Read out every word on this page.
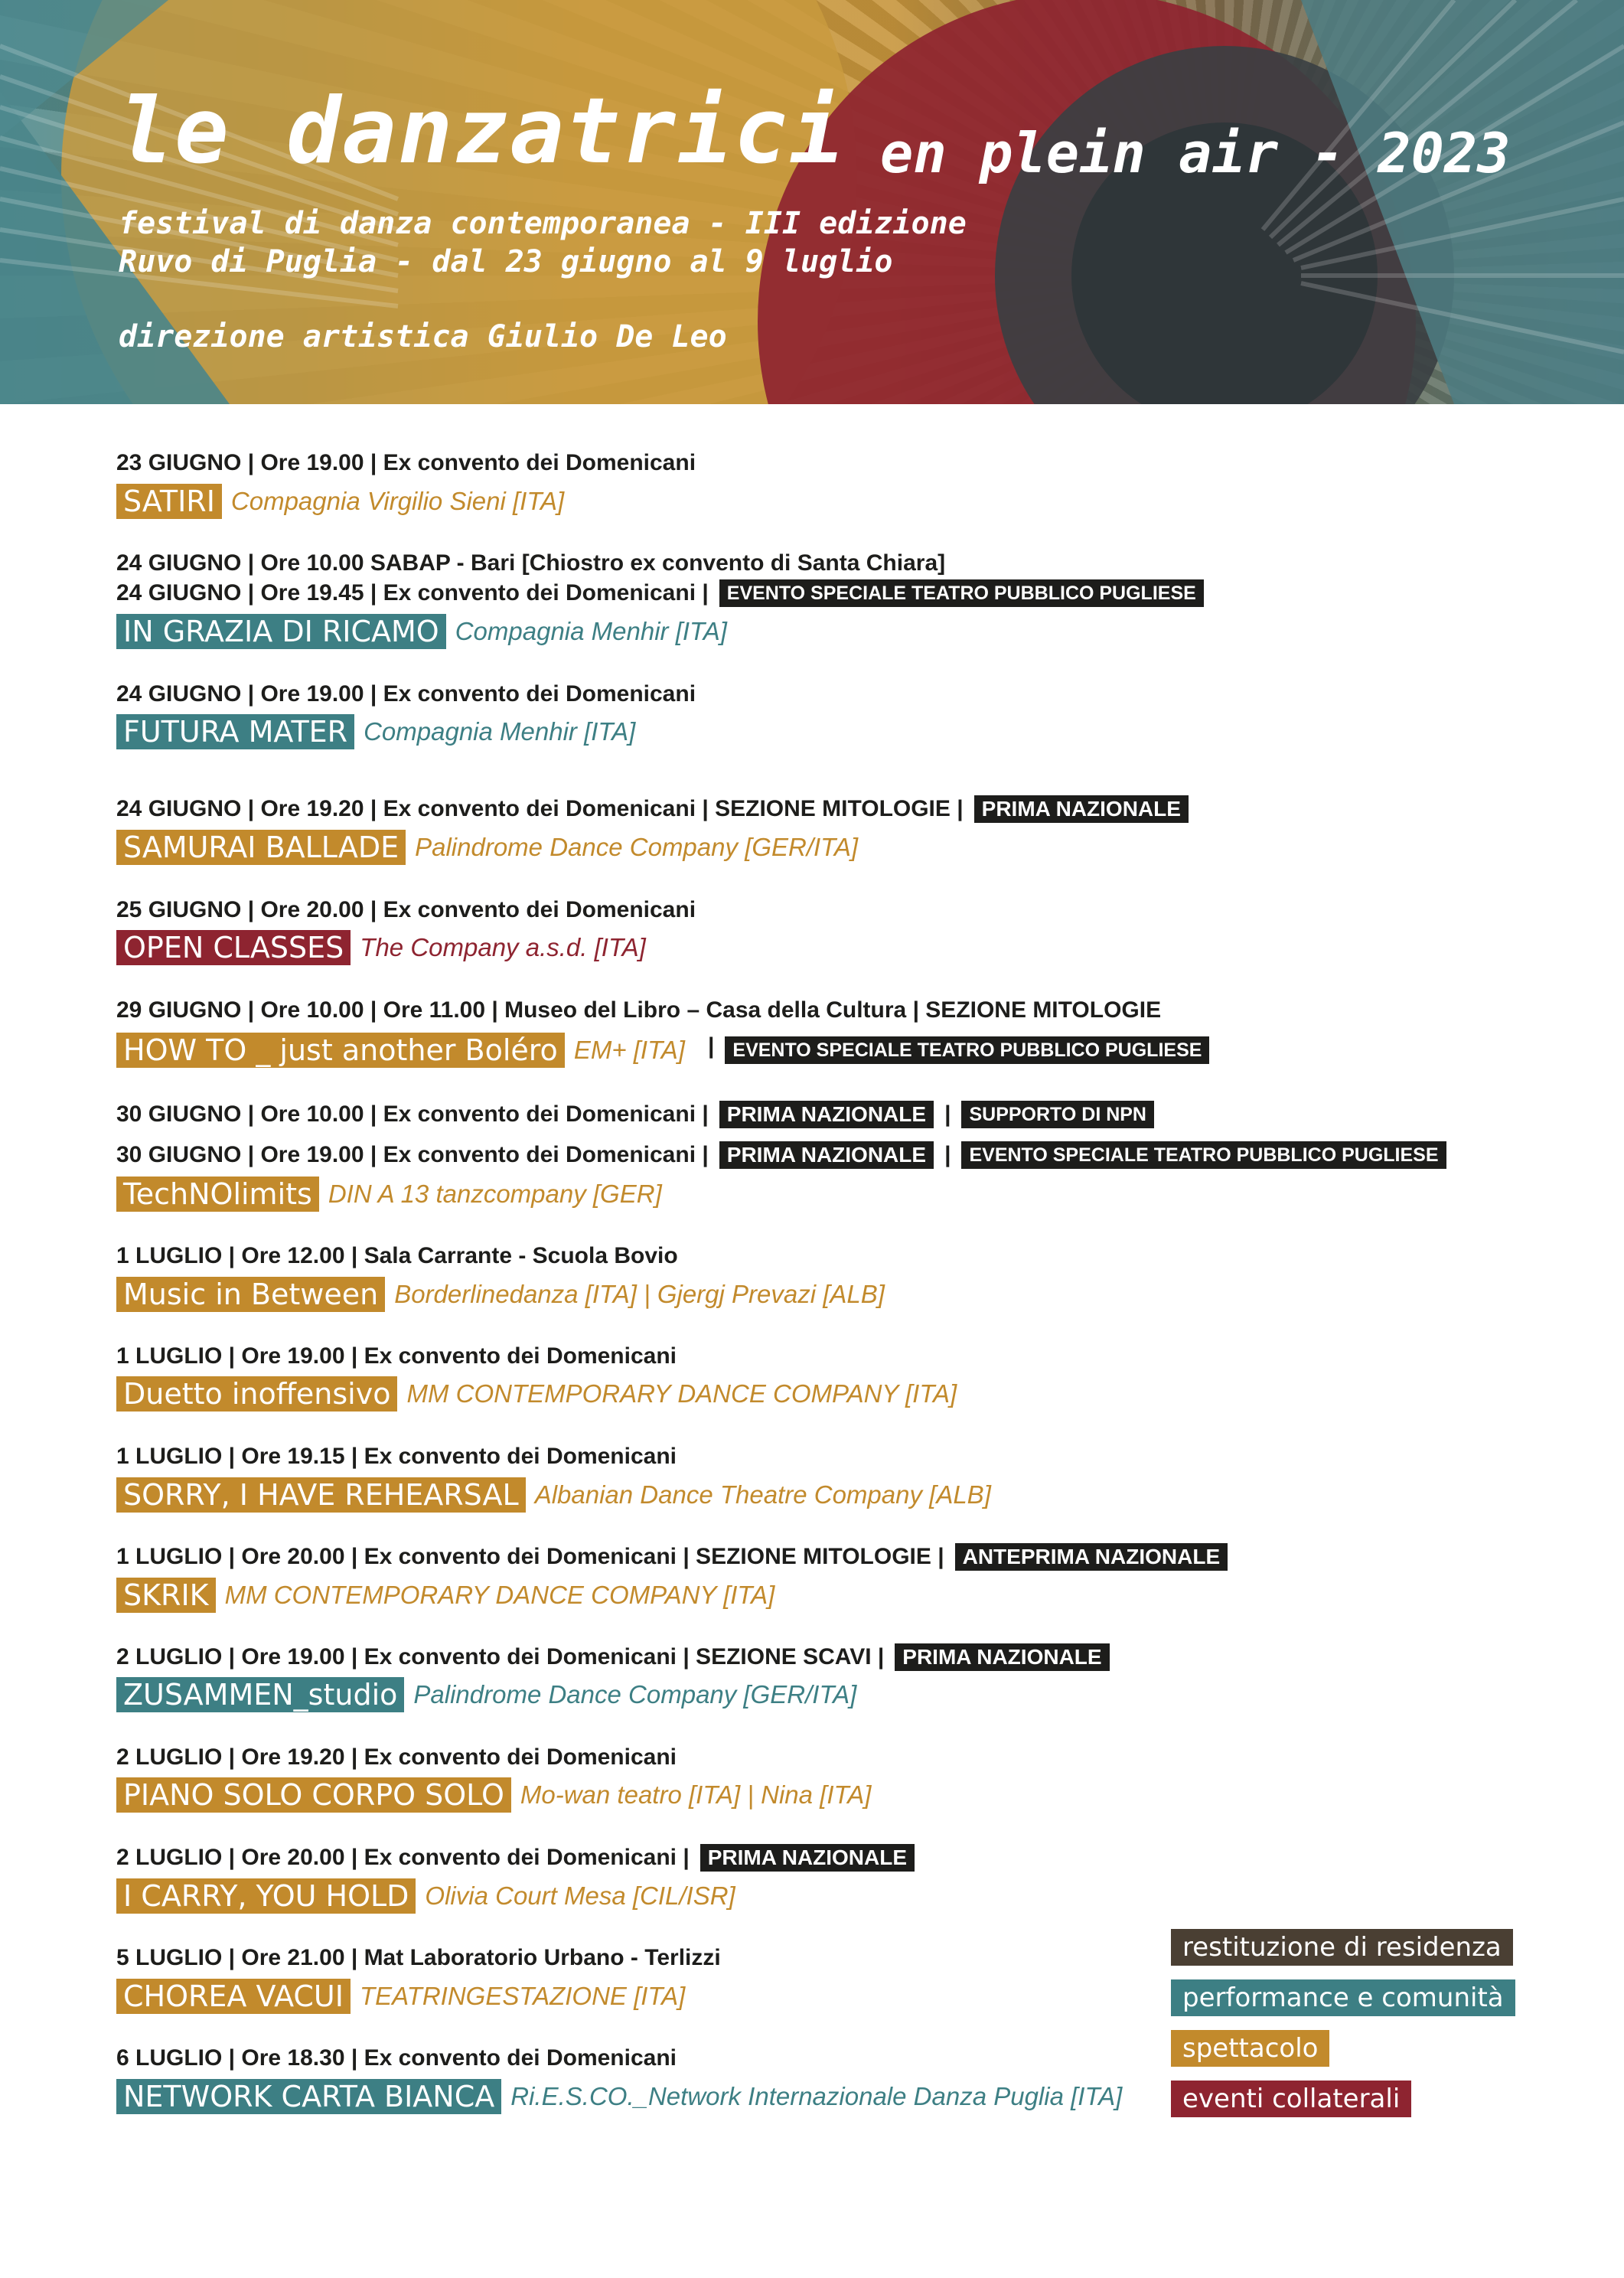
le danzatrici en plein air - 2023
festival di danza contemporanea - III edizione
Ruvo di Puglia - dal 23 giugno al 9 luglio
direzione artistica Giulio De Leo
23 GIUGNO | Ore 19.00 | Ex convento dei Domenicani
SATIRI Compagnia Virgilio Sieni [ITA]
24 GIUGNO | Ore 10.00 SABAP - Bari [Chiostro ex convento di Santa Chiara]
24 GIUGNO | Ore 19.45 | Ex convento dei Domenicani | EVENTO SPECIALE TEATRO PUBBLICO PUGLIESE
IN GRAZIA DI RICAMO Compagnia Menhir [ITA]
24 GIUGNO | Ore 19.00 | Ex convento dei Domenicani
FUTURA MATER Compagnia Menhir [ITA]
24 GIUGNO | Ore 19.20 | Ex convento dei Domenicani | SEZIONE MITOLOGIE | PRIMA NAZIONALE
SAMURAI BALLADE Palindrome Dance Company [GER/ITA]
25 GIUGNO | Ore 20.00 | Ex convento dei Domenicani
OPEN CLASSES The Company a.s.d. [ITA]
29 GIUGNO | Ore 10.00 | Ore 11.00 | Museo del Libro – Casa della Cultura | SEZIONE MITOLOGIE
HOW TO _ just another Boléro EM+ [ITA] | EVENTO SPECIALE TEATRO PUBBLICO PUGLIESE
30 GIUGNO | Ore 10.00 | Ex convento dei Domenicani | PRIMA NAZIONALE | SUPPORTO DI NPN
30 GIUGNO | Ore 19.00 | Ex convento dei Domenicani | PRIMA NAZIONALE | EVENTO SPECIALE TEATRO PUBBLICO PUGLIESE
TechNOlimits DIN A 13 tanzcompany [GER]
1 LUGLIO | Ore 12.00 | Sala Carrante - Scuola Bovio
Music in Between Borderlinedanza [ITA] | Gjergj Prevazi [ALB]
1 LUGLIO | Ore 19.00 | Ex convento dei Domenicani
Duetto inoffensivo MM CONTEMPORARY DANCE COMPANY [ITA]
1 LUGLIO | Ore 19.15 | Ex convento dei Domenicani
SORRY, I HAVE REHEARSAL Albanian Dance Theatre Company [ALB]
1 LUGLIO | Ore 20.00 | Ex convento dei Domenicani | SEZIONE MITOLOGIE | ANTEPRIMA NAZIONALE
SKRIK MM CONTEMPORARY DANCE COMPANY [ITA]
2 LUGLIO | Ore 19.00 | Ex convento dei Domenicani | SEZIONE SCAVI | PRIMA NAZIONALE
ZUSAMMEN_studio Palindrome Dance Company [GER/ITA]
2 LUGLIO | Ore 19.20 | Ex convento dei Domenicani
PIANO SOLO CORPO SOLO Mo-wan teatro [ITA] | Nina [ITA]
2 LUGLIO | Ore 20.00 | Ex convento dei Domenicani | PRIMA NAZIONALE
I CARRY, YOU HOLD Olivia Court Mesa [CIL/ISR]
5 LUGLIO | Ore 21.00 | Mat Laboratorio Urbano - Terlizzi
CHOREA VACUI TEATRINGESTAZIONE [ITA]
6 LUGLIO | Ore 18.30 | Ex convento dei Domenicani
NETWORK CARTA BIANCA Ri.E.S.CO._Network Internazionale Danza Puglia [ITA]
restituzione di residenza
performance e comunità
spettacolo
eventi collaterali
